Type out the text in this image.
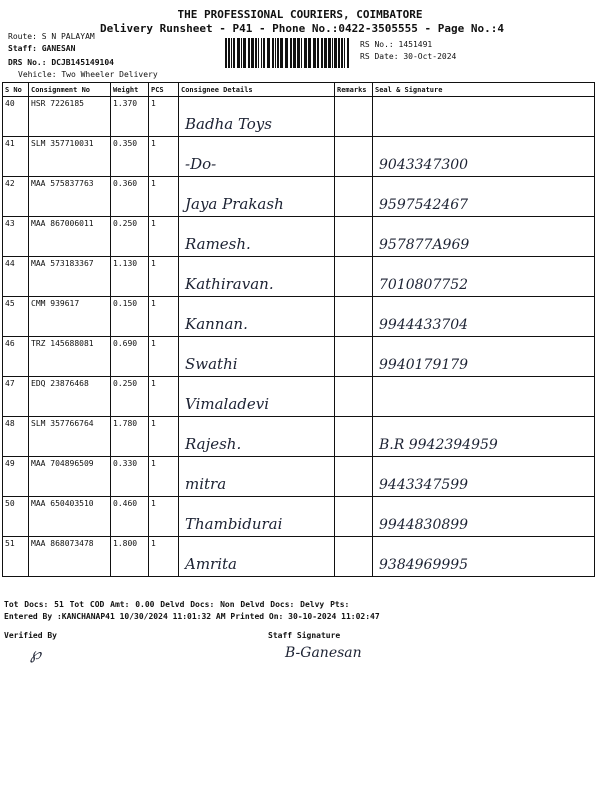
THE PROFESSIONAL COURIERS, COIMBATORE
Delivery Runsheet - P41 - Phone No.:0422-3505555 - Page No.:4
Route: S N PALAYAM
Staff: GANESAN
DRS No.: DCJB145149104
Vehicle: Two Wheeler Delivery
RS No.: 1451491
RS Date: 30-Oct-2024
S No	Consignment No	Weight	PCS	Consignee Details	Remarks	Seal & Signature
40	HSR 7226185	1.370	1	Badha Toys		

41	SLM 357710031	0.350	1	-Do-		9043347300

42	MAA 575837763	0.360	1	Jaya Prakash		9597542467

43	MAA 867006011	0.250	1	Ramesh.		957877A969

44	MAA 573183367	1.130	1	Kathiravan.		7010807752

45	CMM 939617	0.150	1	Kannan.		9944433704

46	TRZ 145688081	0.690	1	Swathi		9940179179

47	EDQ 23876468	0.250	1	Vimaladevi		

48	SLM 357766764	1.780	1	Rajesh.		B.R 9942394959

49	MAA 704896509	0.330	1	mitra		9443347599

50	MAA 650403510	0.460	1	Thambidurai		9944830899

51	MAA 868073478	1.800	1	Amrita		9384969995
Tot Docs: 51 Tot COD Amt: 0.00 Delvd Docs: Non Delvd Docs: Delvy Pts:
Entered By :KANCHANAP41 10/30/2024 11:01:32 AM Printed On: 30-10-2024 11:02:47
Verified By	Staff Signature
℘	B-Ganesan
